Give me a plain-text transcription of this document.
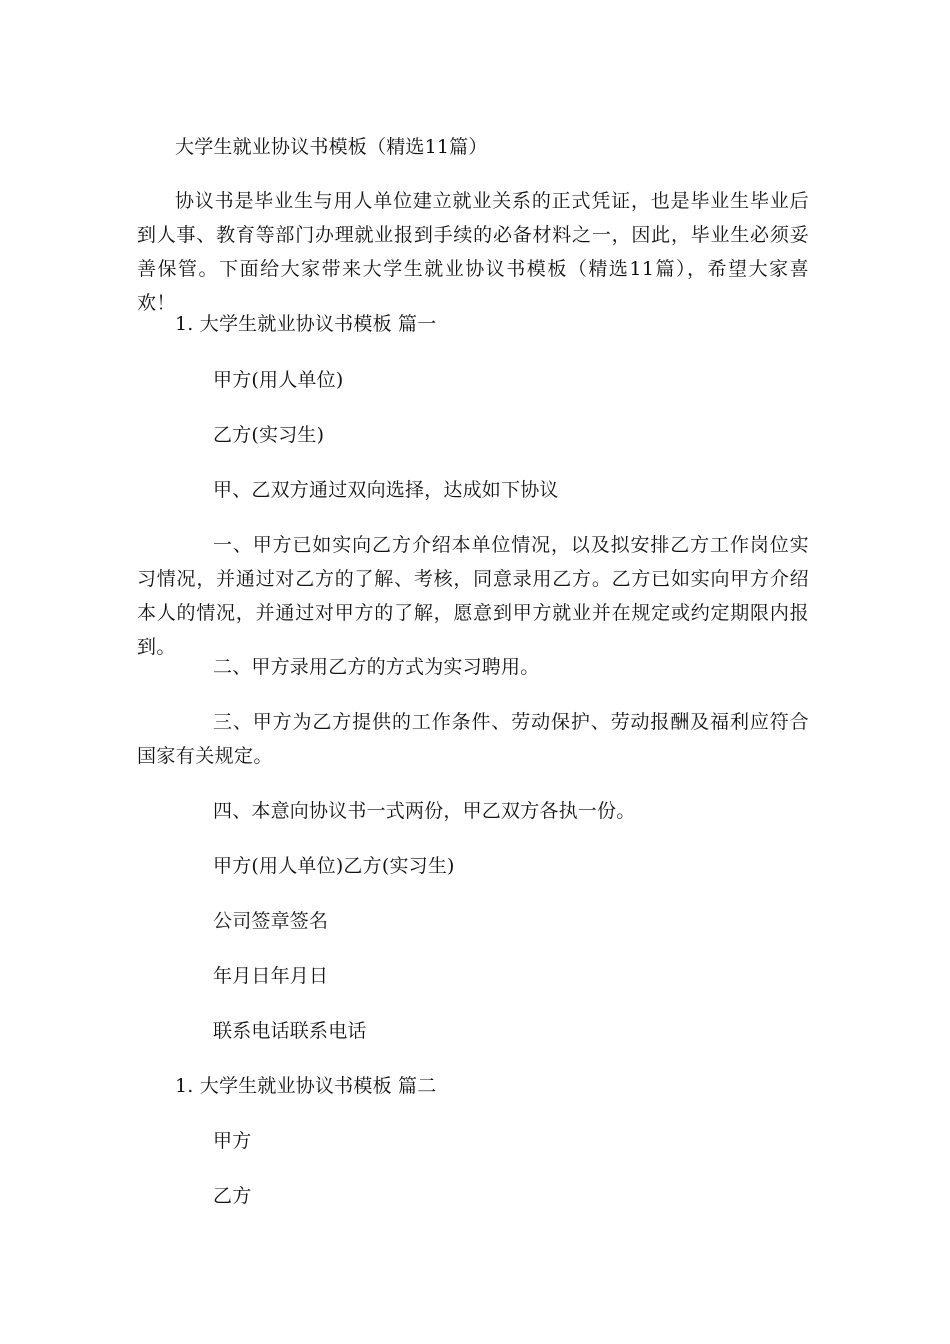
大学生就业协议书模板（精选11篇）
协议书是毕业生与用人单位建立就业关系的正式凭证，也是毕业生毕业后到人事、教育等部门办理就业报到手续的必备材料之一，因此，毕业生必须妥善保管。下面给大家带来大学生就业协议书模板（精选11篇），希望大家喜欢！
1. 大学生就业协议书模板 篇一
甲方(用人单位)
乙方(实习生)
甲、乙双方通过双向选择，达成如下协议
一、甲方已如实向乙方介绍本单位情况，以及拟安排乙方工作岗位实习情况，并通过对乙方的了解、考核，同意录用乙方。乙方已如实向甲方介绍本人的情况，并通过对甲方的了解，愿意到甲方就业并在规定或约定期限内报到。
二、甲方录用乙方的方式为实习聘用。
三、甲方为乙方提供的工作条件、劳动保护、劳动报酬及福利应符合国家有关规定。
四、本意向协议书一式两份，甲乙双方各执一份。
甲方(用人单位)乙方(实习生)
公司签章签名
年月日年月日
联系电话联系电话
1. 大学生就业协议书模板 篇二
甲方
乙方
